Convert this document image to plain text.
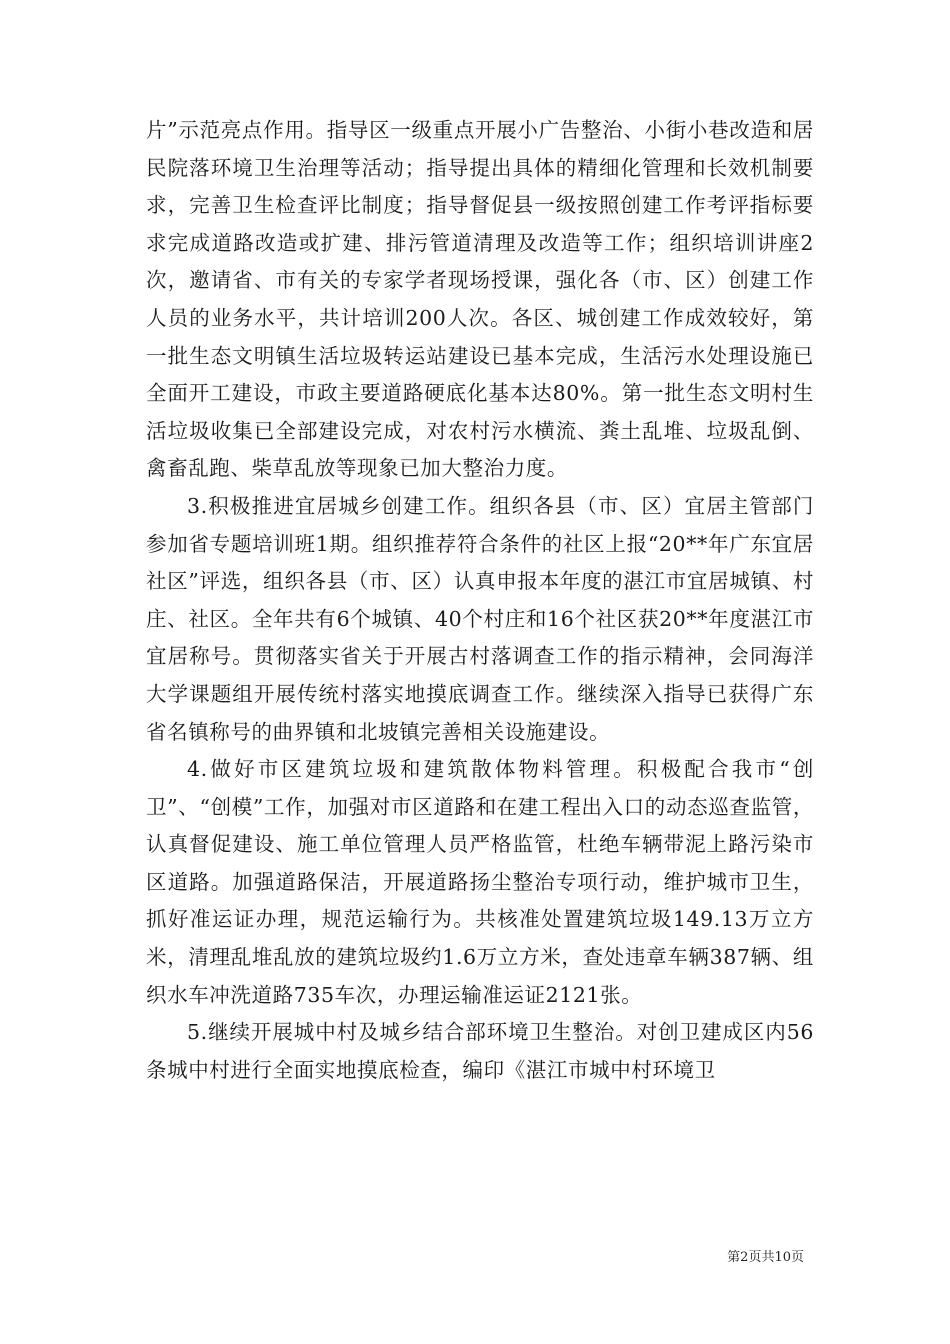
片”示范亮点作用。指导区一级重点开展小广告整治、小街小巷改造和居民院落环境卫生治理等活动；指导提出具体的精细化管理和长效机制要求，完善卫生检查评比制度；指导督促县一级按照创建工作考评指标要求完成道路改造或扩建、排污管道清理及改造等工作；组织培训讲座2次，邀请省、市有关的专家学者现场授课，强化各（市、区）创建工作人员的业务水平，共计培训200人次。各区、城创建工作成效较好，第一批生态文明镇生活垃圾转运站建设已基本完成，生活污水处理设施已全面开工建设，市政主要道路硬底化基本达80%。第一批生态文明村生活垃圾收集已全部建设完成，对农村污水横流、粪土乱堆、垃圾乱倒、禽畜乱跑、柴草乱放等现象已加大整治力度。

3.积极推进宜居城乡创建工作。组织各县（市、区）宜居主管部门参加省专题培训班1期。组织推荐符合条件的社区上报“20**年广东宜居社区”评选，组织各县（市、区）认真申报本年度的湛江市宜居城镇、村庄、社区。全年共有6个城镇、40个村庄和16个社区获20**年度湛江市宜居称号。贯彻落实省关于开展古村落调查工作的指示精神，会同海洋大学课题组开展传统村落实地摸底调查工作。继续深入指导已获得广东省名镇称号的曲界镇和北坡镇完善相关设施建设。

4.做好市区建筑垃圾和建筑散体物料管理。积极配合我市“创卫”、“创模”工作，加强对市区道路和在建工程出入口的动态巡查监管，认真督促建设、施工单位管理人员严格监管，杜绝车辆带泥上路污染市区道路。加强道路保洁，开展道路扬尘整治专项行动，维护城市卫生，抓好准运证办理，规范运输行为。共核准处置建筑垃圾149.13万立方米，清理乱堆乱放的建筑垃圾约1.6万立方米，查处违章车辆387辆、组织水车冲洗道路735车次，办理运输准运证2121张。

5.继续开展城中村及城乡结合部环境卫生整治。对创卫建成区内56条城中村进行全面实地摸底检查，编印《湛江市城中村环境卫

第2页共10页
